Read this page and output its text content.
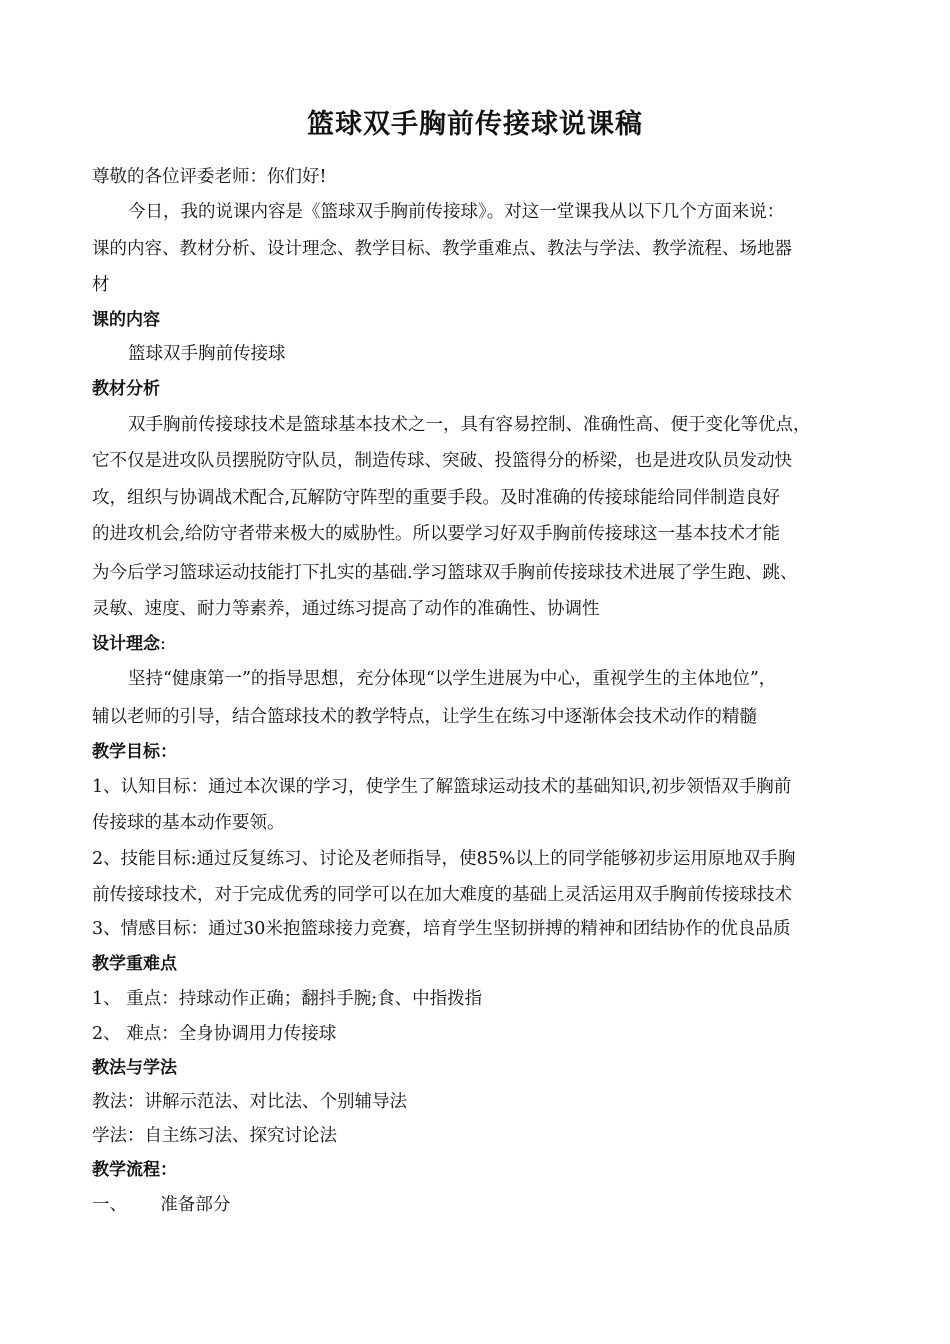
篮球双手胸前传接球说课稿
尊敬的各位评委老师：你们好!
今日，我的说课内容是《篮球双手胸前传接球》。对这一堂课我从以下几个方面来说：
课的内容、教材分析、设计理念、教学目标、教学重难点、教法与学法、教学流程、场地器
材
课的内容
篮球双手胸前传接球
教材分析
双手胸前传接球技术是篮球基本技术之一，具有容易控制、准确性高、便于变化等优点，
它不仅是进攻队员摆脱防守队员，制造传球、突破、投篮得分的桥梁，也是进攻队员发动快
攻，组织与协调战术配合,瓦解防守阵型的重要手段。及时准确的传接球能给同伴制造良好
的进攻机会,给防守者带来极大的威胁性。所以要学习好双手胸前传接球这一基本技术才能
为今后学习篮球运动技能打下扎实的基础.学习篮球双手胸前传接球技术进展了学生跑、跳、
灵敏、速度、耐力等素养，通过练习提高了动作的准确性、协调性
设计理念:
坚持“健康第一”的指导思想，充分体现“以学生进展为中心，重视学生的主体地位”，
辅以老师的引导，结合篮球技术的教学特点，让学生在练习中逐渐体会技术动作的精髓
教学目标：
1、认知目标：通过本次课的学习，使学生了解篮球运动技术的基础知识,初步领悟双手胸前
传接球的基本动作要领。
2、技能目标:通过反复练习、讨论及老师指导，使85%以上的同学能够初步运用原地双手胸
前传接球技术，对于完成优秀的同学可以在加大难度的基础上灵活运用双手胸前传接球技术
3、情感目标：通过30米抱篮球接力竞赛，培育学生坚韧拼搏的精神和团结协作的优良品质
教学重难点
1、 重点：持球动作正确；翻抖手腕;食、中指拨指
2、 难点：全身协调用力传接球
教法与学法
教法：讲解示范法、对比法、个别辅导法
学法：自主练习法、探究讨论法
教学流程：
一、      准备部分
